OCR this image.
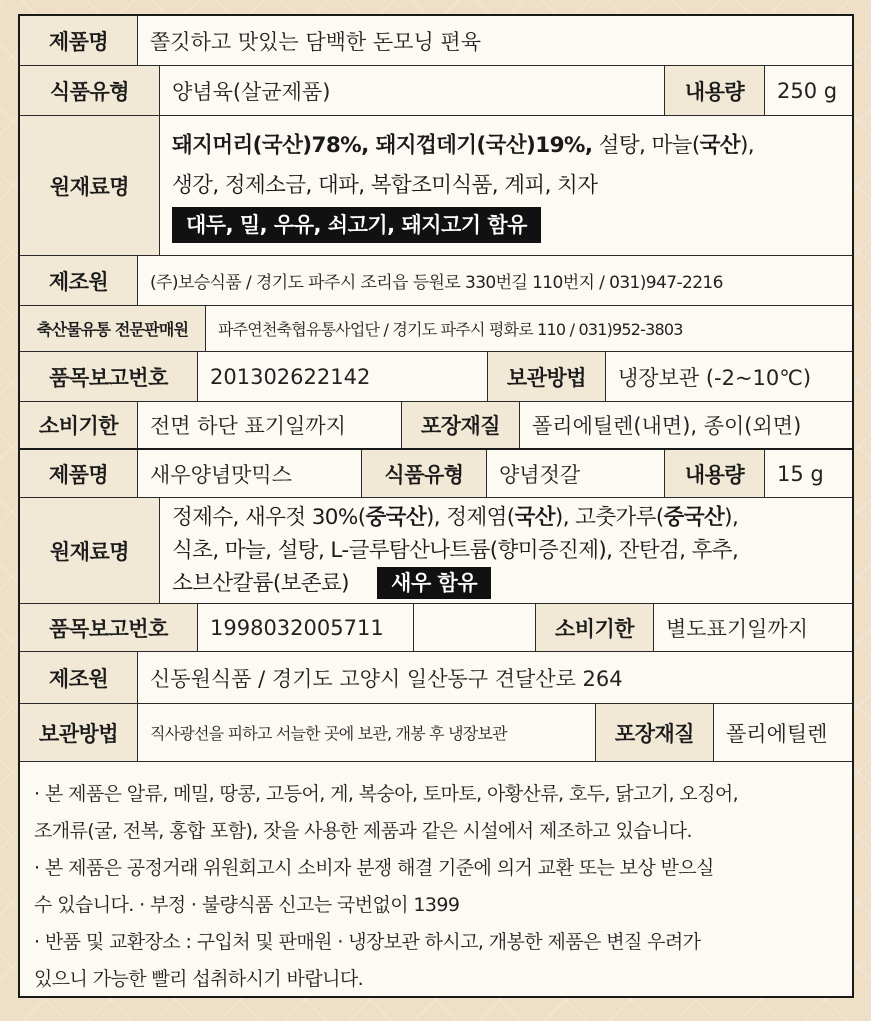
제품명	쫄깃하고 맛있는 담백한 돈모닝 편육
식품유형	양념육(살균제품)	내용량	250 g
원재료명
돼지머리(국산)78%, 돼지껍데기(국산)19%, 설탕, 마늘(국산),
생강, 정제소금, 대파, 복합조미식품, 계피, 치자
대두, 밀, 우유, 쇠고기, 돼지고기 함유
제조원	(주)보승식품 / 경기도 파주시 조리읍 등원로 330번길 110번지 / 031)947-2216
축산물유통 전문판매원	파주연천축협유통사업단 / 경기도 파주시 평화로 110 / 031)952-3803
품목보고번호	201302622142	보관방법	냉장보관 (-2~10℃)
소비기한	전면 하단 표기일까지	포장재질	폴리에틸렌(내면), 종이(외면)
제품명	새우양념맛믹스	식품유형	양념젓갈	내용량	15 g
원재료명
정제수, 새우젓 30%(중국산), 정제염(국산), 고춧가루(중국산),
식초, 마늘, 설탕, L-글루탐산나트륨(향미증진제), 잔탄검, 후추,
소브산칼륨(보존료) 새우 함유
품목보고번호	1998032005711	소비기한	별도표기일까지
제조원	신동원식품 / 경기도 고양시 일산동구 견달산로 264
보관방법	직사광선을 피하고 서늘한 곳에 보관, 개봉 후 냉장보관	포장재질	폴리에틸렌

· 본 제품은 알류, 메밀, 땅콩, 고등어, 게, 복숭아, 토마토, 아황산류, 호두, 닭고기, 오징어,

조개류(굴, 전복, 홍합 포함), 잣을 사용한 제품과 같은 시설에서 제조하고 있습니다.

· 본 제품은 공정거래 위원회고시 소비자 분쟁 해결 기준에 의거 교환 또는 보상 받으실

수 있습니다. · 부정 · 불량식품 신고는 국번없이 1399

· 반품 및 교환장소 : 구입처 및 판매원 · 냉장보관 하시고, 개봉한 제품은 변질 우려가

있으니 가능한 빨리 섭취하시기 바랍니다.
